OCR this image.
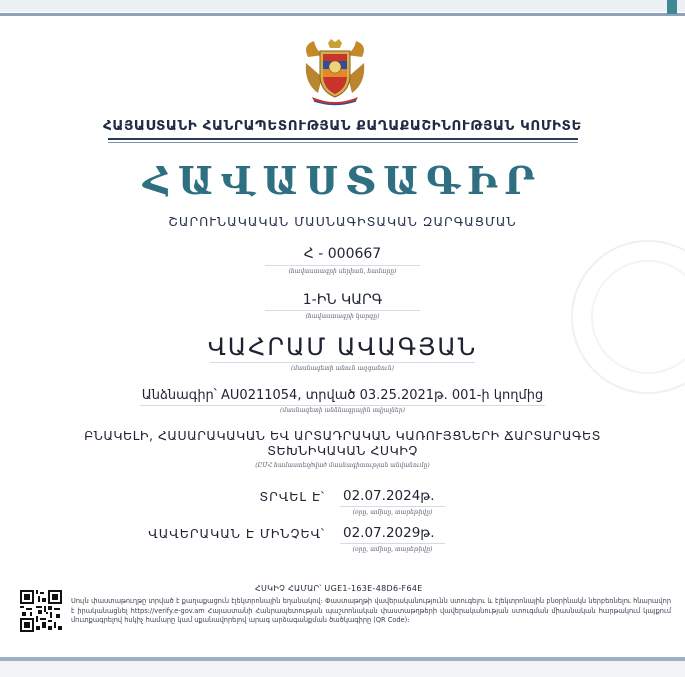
ՀԱՅԱՍՏԱՆԻ ՀԱՆՐԱՊԵՏՈՒԹՅԱՆ ՔԱՂԱՔԱՇԻՆՈՒԹՅԱՆ ԿՈՄԻՏԵ
ՀԱՎԱՍՏԱԳԻՐ
ՇԱՐՈՒՆԱԿԱԿԱՆ ՄԱՍՆԱԳԻՏԱԿԱՆ ԶԱՐԳԱՑՄԱՆ
Հ - 000667
(հավաստագրի սերիան, համարը)
1-ԻՆ ԿԱՐԳ
(հավաստագրի կարգը)
ՎԱՀՐԱՄ ԱՎԱԳՅԱՆ
(մասնագետի անուն ազգանուն)
Անձնագիր՝ AU0211054, տրված 03.25.2021թ. 001-ի կողմից
(մասնագետի անձնագրային տվյալներ)
ԲՆԱԿԵԼԻ, ՀԱՍԱՐԱԿԱԿԱՆ ԵՎ ԱՐՏԱԴՐԱԿԱՆ ԿԱՌՈՒՅՑՆԵՐԻ ՃԱՐՏԱՐԱԳԵՏ
ՏԵԽՆԻԿԱԿԱՆ ՀՍԿԻՉ
(ԸՄՀ համաստեղծված մասնագիտության անվանումը)
ՏՐՎԵԼ Է՝ 02.07.2024թ.
(օրը, ամիսը, տարեթիվը)
ՎԱՎԵՐԱԿԱՆ Է ՄԻՆՉԵՎ՝ 02.07.2029թ.
(օրը, ամիսը, տարեթիվը)
ՀՍԿԻՉ ՀԱՄԱՐ՝ UGE1-163E-48D6-F64E
Սույն փաստաթուղթը տրված է քաղաքացուն էլեկտրոնային եղանակով։ Փաստաթղթի վավերականությունն ստուգելու և էլեկտրոնային բնօրինակն ներբեռնելու հնարավոր է իրականացնել https://verify.e-gov.am Հայաստանի Հանրապետության պաշտոնական փաստաթղթերի վավերականության ստուգման միասնական հարթակում կայքում մուտքագրելով հսկիչ համարը կամ սքանավորելով արագ արձագանքման ծածկագիրը (QR Code)։
